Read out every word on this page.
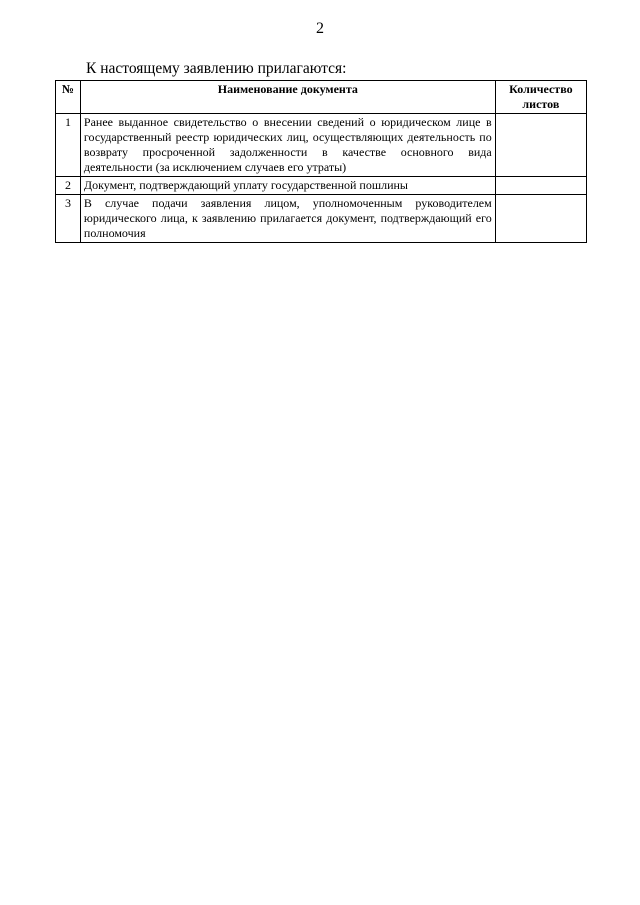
2
К настоящему заявлению прилагаются:
№	Наименование документа	Количество листов
1	Ранее выданное свидетельство о внесении сведений о юридическом лице в государственный реестр юридических лиц, осуществляющих деятельность по возврату просроченной задолженности в качестве основного вида деятельности (за исключением случаев его утраты)	
2	Документ, подтверждающий уплату государственной пошлины	
3	В случае подачи заявления лицом, уполномоченным руководителем юридического лица, к заявлению прилагается документ, подтверждающий его полномочия	
